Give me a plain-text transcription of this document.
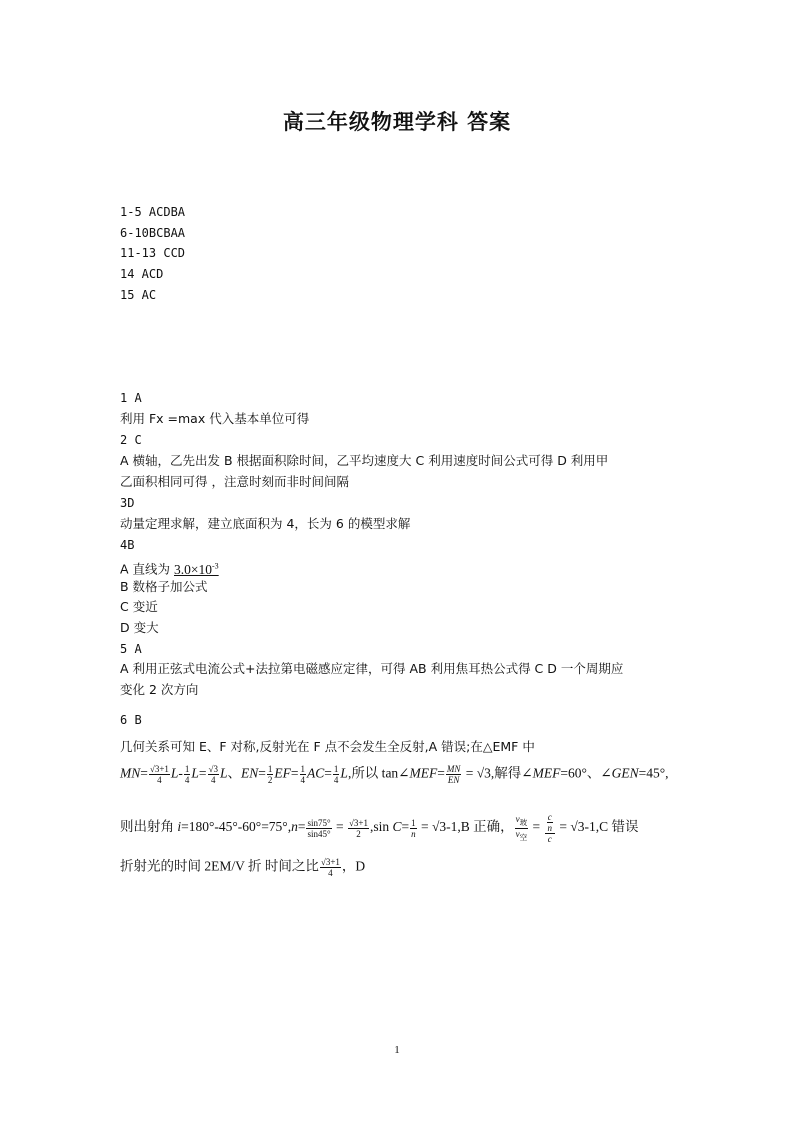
高三年级物理学科 答案
1-5 ACDBA
6-10BCBAA
11-13 CCD
14 ACD
15 AC
1 A
利用 Fx =max 代入基本单位可得
2 C
A 横轴，乙先出发 B 根据面积除时间，乙平均速度大 C 利用速度时间公式可得 D 利用甲
乙面积相同可得 ，注意时刻而非时间间隔
3D
动量定理求解，建立底面积为 4，长为 6 的模型求解
4B
A 直线为 $3.0\times 10^{-3}$
B 数格子加公式
C 变近
D 变大
5 A
A 利用正弦式电流公式+法拉第电磁感应定律，可得 AB 利用焦耳热公式得 C D 一个周期应
变化 2 次方向
6 B
几何关系可知 E、F 对称,反射光在 F 点不会发生全反射,A 错误;在△EMF 中
$MN= \frac{√3+1}{4} L- \frac{1}{4} L= \frac{√3}{4}$ L、$EN= \frac{1}{2} EF= \frac{1}{4} AC= \frac{1}{4} L$,所以 tan∠MEF= $\frac{MN}{EN} = √3$,解得∠MEF=60°、∠GEN=45°,
则出射角 $i=180^\circ-45^\circ-60^\circ=75^\circ,n= \frac{\sin 75^\circ}{\sin 45^\circ} = \frac{√3+1}{2} ,\sin$ $C= \frac{1}{n} = √3-1,B$ 正确， $\frac{v_玻}{v_空} = \frac{\frac{c}{n}}{c} = √3-1,C$ 错误
折射光的时间 2EM/V 折 时间之比 $\frac{√3+1}{4}$ ，D
1
